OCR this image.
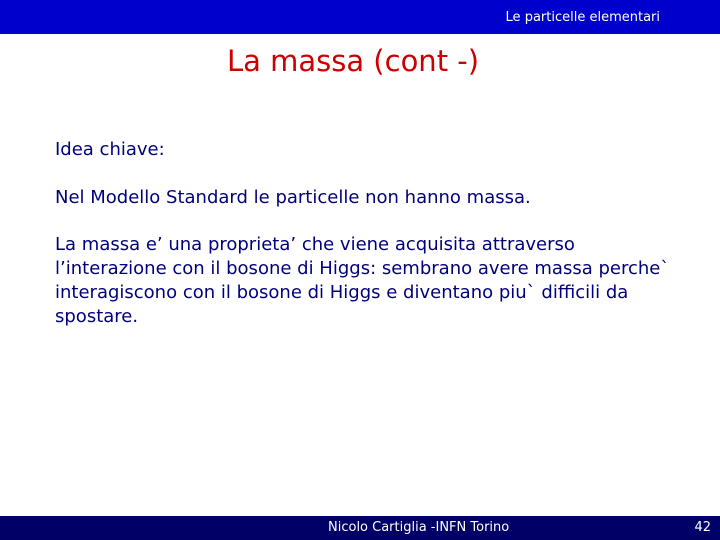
Le particelle elementari
La massa (cont -)
Idea chiave:
Nel Modello Standard le particelle non hanno massa.
La massa e’ una proprieta’ che viene acquisita attraverso l’interazione con il bosone di Higgs: sembrano avere massa perche` interagiscono con il bosone di Higgs e diventano piu` difficili da spostare.
Nicolo Cartiglia -INFN Torino	42
